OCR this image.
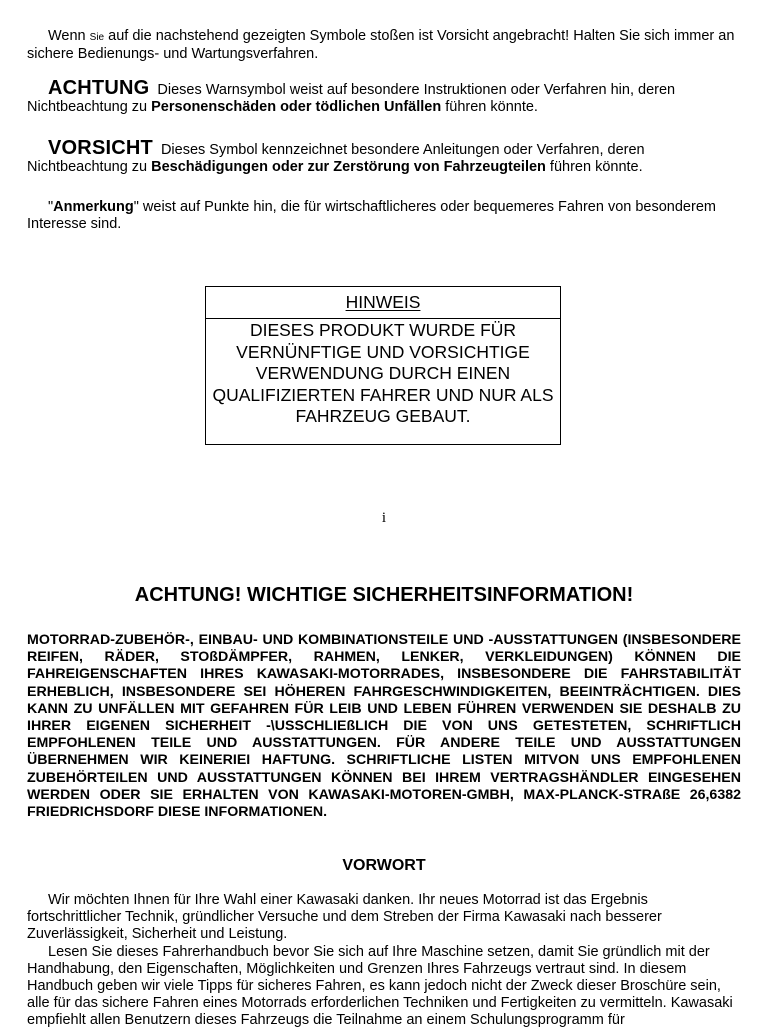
Wenn Sie auf die nachstehend gezeigten Symbole stoßen ist Vorsicht angebracht! Halten Sie sich immer an sichere Bedienungs- und Wartungsverfahren.

ACHTUNG Dieses Warnsymbol weist auf besondere Instruktionen oder Verfahren hin, deren Nichtbeachtung zu Personenschäden oder tödlichen Unfällen führen könnte.

VORSICHT Dieses Symbol kennzeichnet besondere Anleitungen oder Verfahren, deren Nichtbeachtung zu Beschädigungen oder zur Zerstörung von Fahrzeugteilen führen könnte.

"Anmerkung" weist auf Punkte hin, die für wirtschaftlicheres oder bequemeres Fahren von besonderem Interesse sind.

HINWEIS
DIESES PRODUKT WURDE FÜR VERNÜNFTIGE UND VORSICHTIGE VERWENDUNG DURCH EINEN QUALIFIZIERTEN FAHRER UND NUR ALS FAHRZEUG GEBAUT.
i
ACHTUNG! WICHTIGE SICHERHEITSINFORMATION!

MOTORRAD-ZUBEHÖR-, EINBAU- UND KOMBINATIONSTEILE UND -AUSSTATTUNGEN (INSBESONDERE REIFEN, RÄDER, STOßDÄMPFER, RAHMEN, LENKER, VERKLEIDUNGEN) KÖNNEN DIE FAHREIGENSCHAFTEN IHRES KAWASAKI-MOTORRADES, INSBESONDERE DIE FAHRSTABILITÄT ERHEBLICH, INSBESONDERE SEI HÖHEREN FAHRGESCHWINDIGKEITEN, BEEINTRÄCHTIGEN. DIES KANN ZU UNFÄLLEN MIT GEFAHREN FÜR LEIB UND LEBEN FÜHREN VERWENDEN SIE DESHALB ZU IHRER EIGENEN SICHERHEIT -\USSCHLIEßLICH DIE VON UNS GETESTETEN, SCHRIFTLICH EMPFOHLENEN TEILE UND AUSSTATTUNGEN. FÜR ANDERE TEILE UND AUSSTATTUNGEN ÜBERNEHMEN WIR KEINERIEI HAFTUNG. SCHRIFTLICHE LISTEN MITVON UNS EMPFOHLENEN ZUBEHÖRTEILEN UND AUSSTATTUNGEN KÖNNEN BEI IHREM VERTRAGSHÄNDLER EINGESEHEN WERDEN ODER SIE ERHALTEN VON KAWASAKI-MOTOREN-GMBH, MAX-PLANCK-STRAßE 26,6382 FRIEDRICHSDORF DIESE INFORMATIONEN.

VORWORT
Wir möchten Ihnen für Ihre Wahl einer Kawasaki danken. Ihr neues Motorrad ist das Ergebnis fortschrittlicher Technik, gründlicher Versuche und dem Streben der Firma Kawasaki nach besserer Zuverlässigkeit, Sicherheit und Leistung.
Lesen Sie dieses Fahrerhandbuch bevor Sie sich auf Ihre Maschine setzen, damit Sie gründlich mit der Handhabung, den Eigenschaften, Möglichkeiten und Grenzen Ihres Fahrzeugs vertraut sind. In diesem Handbuch geben wir viele Tipps für sicheres Fahren, es kann jedoch nicht der Zweck dieser Broschüre sein, alle für das sichere Fahren eines Motorrads erforderlichen Techniken und Fertigkeiten zu vermitteln. Kawasaki empfiehlt allen Benutzern dieses Fahrzeugs die Teilnahme an einem Schulungsprogramm für
